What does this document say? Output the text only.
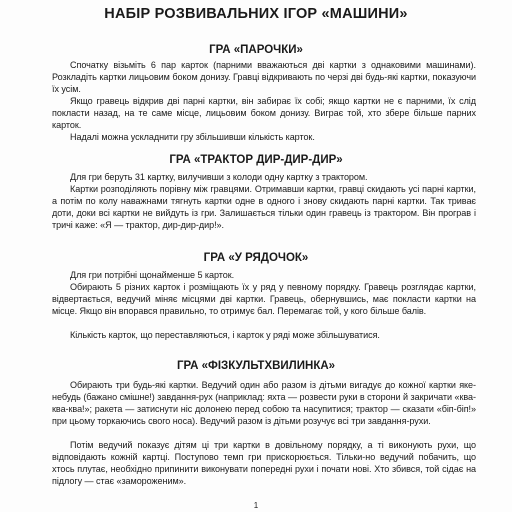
НАБІР РОЗВИВАЛЬНИХ ІГОР «МАШИНИ»
ГРА «ПАРОЧКИ»

Спочатку візьміть 6 пар карток (парними вважаються дві картки з однаковими машинами). Розкладіть картки лицьовим боком донизу. Гравці відкривають по черзі дві будь-які картки, показуючи їх усім.

Якщо гравець відкрив дві парні картки, він забирає їх собі; якщо картки не є парними, їх слід покласти назад, на те саме місце, лицьовим боком донизу. Виграє той, хто збере більше парних карток.

Надалі можна ускладнити гру збільшивши кількість карток.

ГРА «ТРАКТОР ДИР-ДИР-ДИР»

Для гри беруть 31 картку, вилучивши з колоди одну картку з трактором.

Картки розподіляють порівну між гравцями. Отримавши картки, гравці скидають усі парні картки, а потім по колу наважнами тягнуть картки одне в одного і знову скидають парні картки. Так триває доти, доки всі картки не вийдуть із гри. Залишається тільки один гравець із трактором. Він програв і тричі каже: «Я — трактор, дир-дир-дир!».

ГРА «У РЯДОЧОК»

Для гри потрібні щонайменше 5 карток.

Обирають 5 різних карток і розміщають їх у ряд у певному порядку. Гравець розглядає картки, відвертається, ведучий міняє місцями дві картки. Гравець, обернувшись, має покласти картки на місце. Якщо він впорався правильно, то отримує бал. Перемагає той, у кого більше балів.

Кількість карток, що переставляються, і карток у ряді може збільшуватися.

ГРА «ФІЗКУЛЬТХВИЛИНКА»

Обирають три будь-які картки. Ведучий один або разом із дітьми вигадує до кожної картки яке-небудь (бажано смішне!) завдання-рух (наприклад: яхта — розвести руки в сторони й закричати «ква-ква-ква!»; ракета — затиснути ніс долонею перед собою та насупитися; трактор — сказати «біп-біп!» при цьому торкаючись свого носа). Ведучий разом із дітьми розучує всі три завдання-рухи.

Потім ведучий показує дітям ці три картки в довільному порядку, а ті виконують рухи, що відповідають кожній картці. Поступово темп гри прискорюється. Тільки-но ведучий побачить, що хтось плутає, необхідно припинити виконувати попередні рухи і почати нові. Хто збився, той сідає на підлогу — стає «замороженим».

1
